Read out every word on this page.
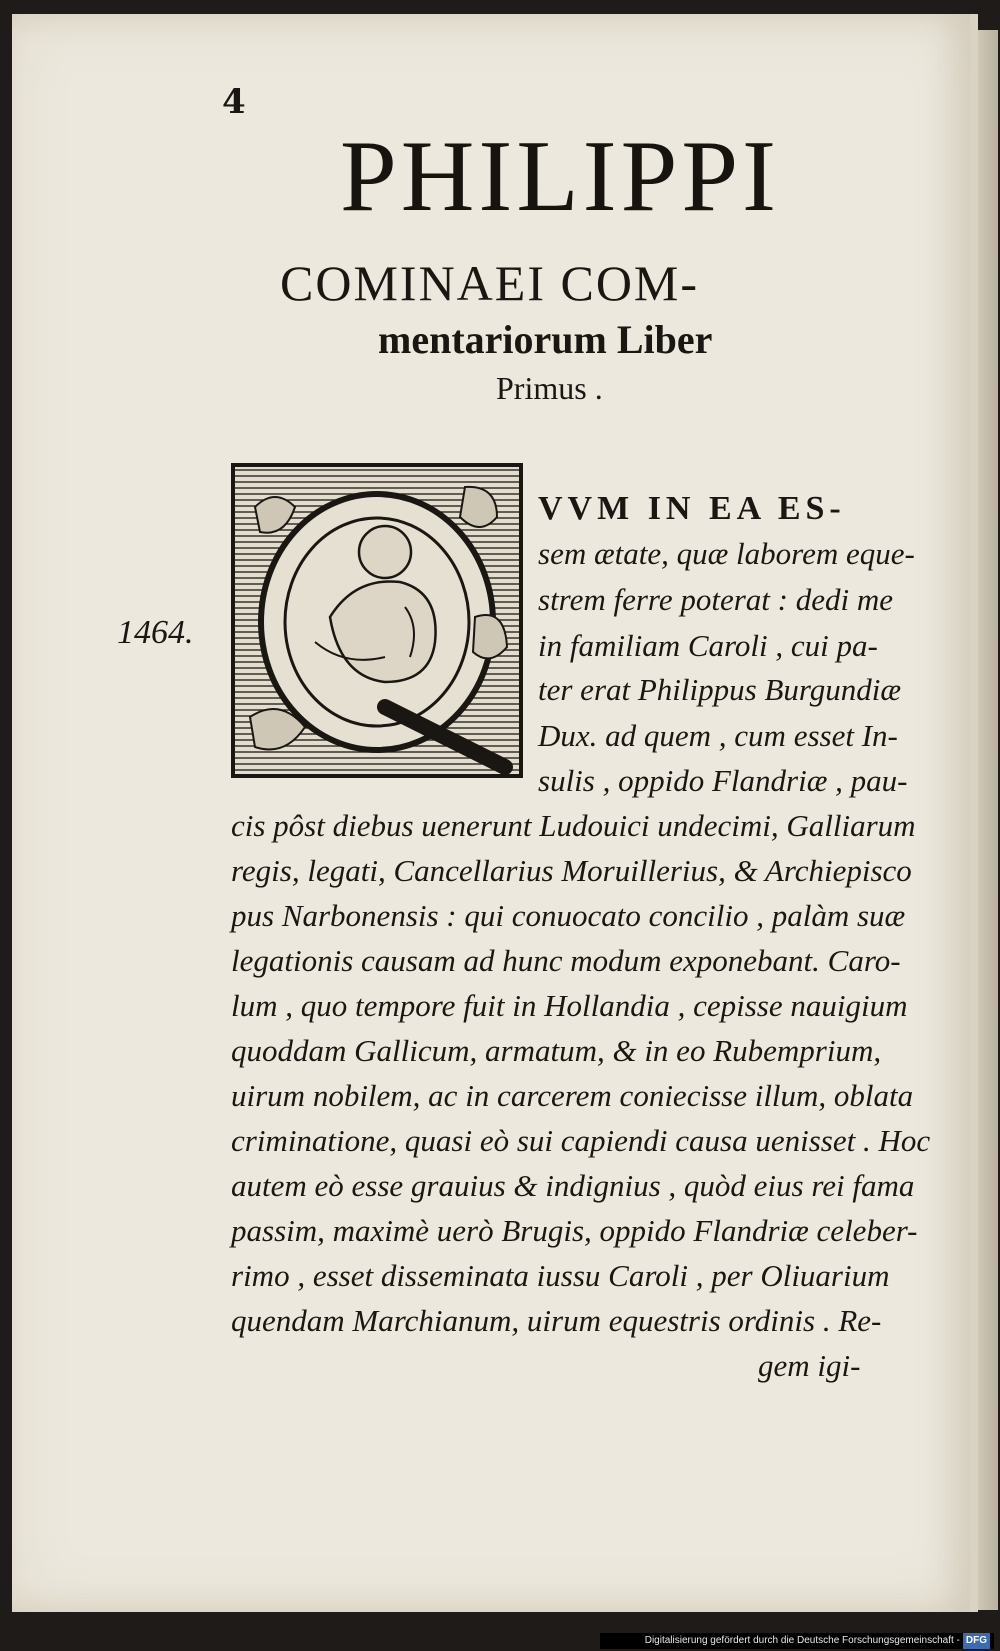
4
PHILIPPI
COMINAEI COM-
mentariorum Liber
Primus .
1464.
VVM IN EA ES-
sem ætate, quæ laborem eque-
strem ferre poterat : dedi me
in familiam Caroli , cui pa-
ter erat Philippus Burgundiæ
Dux. ad quem , cum esset In-
sulis , oppido Flandriæ , pau-
cis pôst diebus uenerunt Ludouici undecimi, Galliarum
regis, legati, Cancellarius Moruillerius, & Archiepisco
pus Narbonensis : qui conuocato concilio , palàm suæ
legationis causam ad hunc modum exponebant. Caro-
lum , quo tempore fuit in Hollandia , cepisse nauigium
quoddam Gallicum, armatum, & in eo Rubemprium,
uirum nobilem, ac in carcerem coniecisse illum, oblata
criminatione, quasi eò sui capiendi causa uenisset . Hoc
autem eò esse grauius & indignius , quòd eius rei fama
passim, maximè uerò Brugis, oppido Flandriæ celeber-
rimo , esset disseminata iussu Caroli , per Oliuarium
quendam Marchianum, uirum equestris ordinis . Re-
gem igi-
Digitalisierung gefördert durch die Deutsche Forschungsgemeinschaft - DFG
